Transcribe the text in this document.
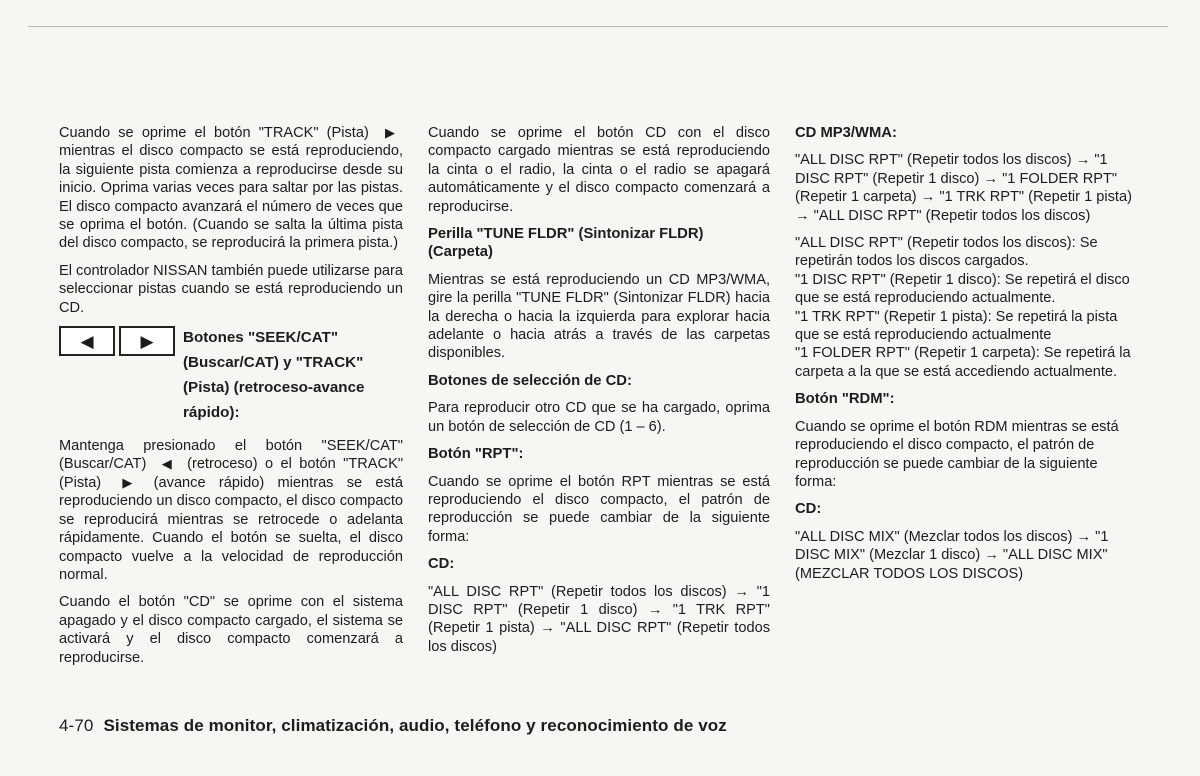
Cuando se oprime el botón "TRACK" (Pista) ▶ mientras el disco compacto se está reproduciendo, la siguiente pista comienza a reproducirse desde su inicio. Oprima varias veces para saltar por las pistas. El disco compacto avanzará el número de veces que se oprima el botón. (Cuando se salta la última pista del disco compacto, se reproducirá la primera pista.)

El controlador NISSAN también puede utilizarse para seleccionar pistas cuando se está reproduciendo un CD.

◀	▶ Botones "SEEK/CAT" (Buscar/CAT) y "TRACK" (Pista) (retroceso-avance rápido):

Mantenga presionado el botón "SEEK/CAT" (Buscar/CAT) ◀ (retroceso) o el botón "TRACK" (Pista) ▶ (avance rápido) mientras se está reproduciendo un disco compacto, el disco compacto se reproducirá mientras se retrocede o adelanta rápidamente. Cuando el botón se suelta, el disco compacto vuelve a la velocidad de reproducción normal.

Cuando el botón "CD" se oprime con el sistema apagado y el disco compacto cargado, el sistema se activará y el disco compacto comenzará a reproducirse.

Cuando se oprime el botón CD con el disco compacto cargado mientras se está reproduciendo la cinta o el radio, la cinta o el radio se apagará automáticamente y el disco compacto comenzará a reproducirse.

Perilla "TUNE FLDR" (Sintonizar FLDR) (Carpeta)

Mientras se está reproduciendo un CD MP3/WMA, gire la perilla "TUNE FLDR" (Sintonizar FLDR) hacia la derecha o hacia la izquierda para explorar hacia adelante o hacia atrás a través de las carpetas disponibles.

Botones de selección de CD:

Para reproducir otro CD que se ha cargado, oprima un botón de selección de CD (1 – 6).

Botón "RPT":

Cuando se oprime el botón RPT mientras se está reproduciendo el disco compacto, el patrón de reproducción se puede cambiar de la siguiente forma:

CD:

"ALL DISC RPT" (Repetir todos los discos) → "1 DISC RPT" (Repetir 1 disco) → "1 TRK RPT" (Repetir 1 pista) → "ALL DISC RPT" (Repetir todos los discos)

CD MP3/WMA:

"ALL DISC RPT" (Repetir todos los discos) → "1 DISC RPT" (Repetir 1 disco) → "1 FOLDER RPT" (Repetir 1 carpeta) → "1 TRK RPT" (Repetir 1 pista) → "ALL DISC RPT" (Repetir todos los discos)

"ALL DISC RPT" (Repetir todos los discos): Se repetirán todos los discos cargados.
"1 DISC RPT" (Repetir 1 disco): Se repetirá el disco que se está reproduciendo actualmente.
"1 TRK RPT" (Repetir 1 pista): Se repetirá la pista que se está reproduciendo actualmente
"1 FOLDER RPT" (Repetir 1 carpeta): Se repetirá la carpeta a la que se está accediendo actualmente.
Botón "RDM":

Cuando se oprime el botón RDM mientras se está reproduciendo el disco compacto, el patrón de reproducción se puede cambiar de la siguiente forma:

CD:

"ALL DISC MIX" (Mezclar todos los discos) → "1 DISC MIX" (Mezclar 1 disco) → "ALL DISC MIX" (MEZCLAR TODOS LOS DISCOS)

4-70 Sistemas de monitor, climatización, audio, teléfono y reconocimiento de voz
